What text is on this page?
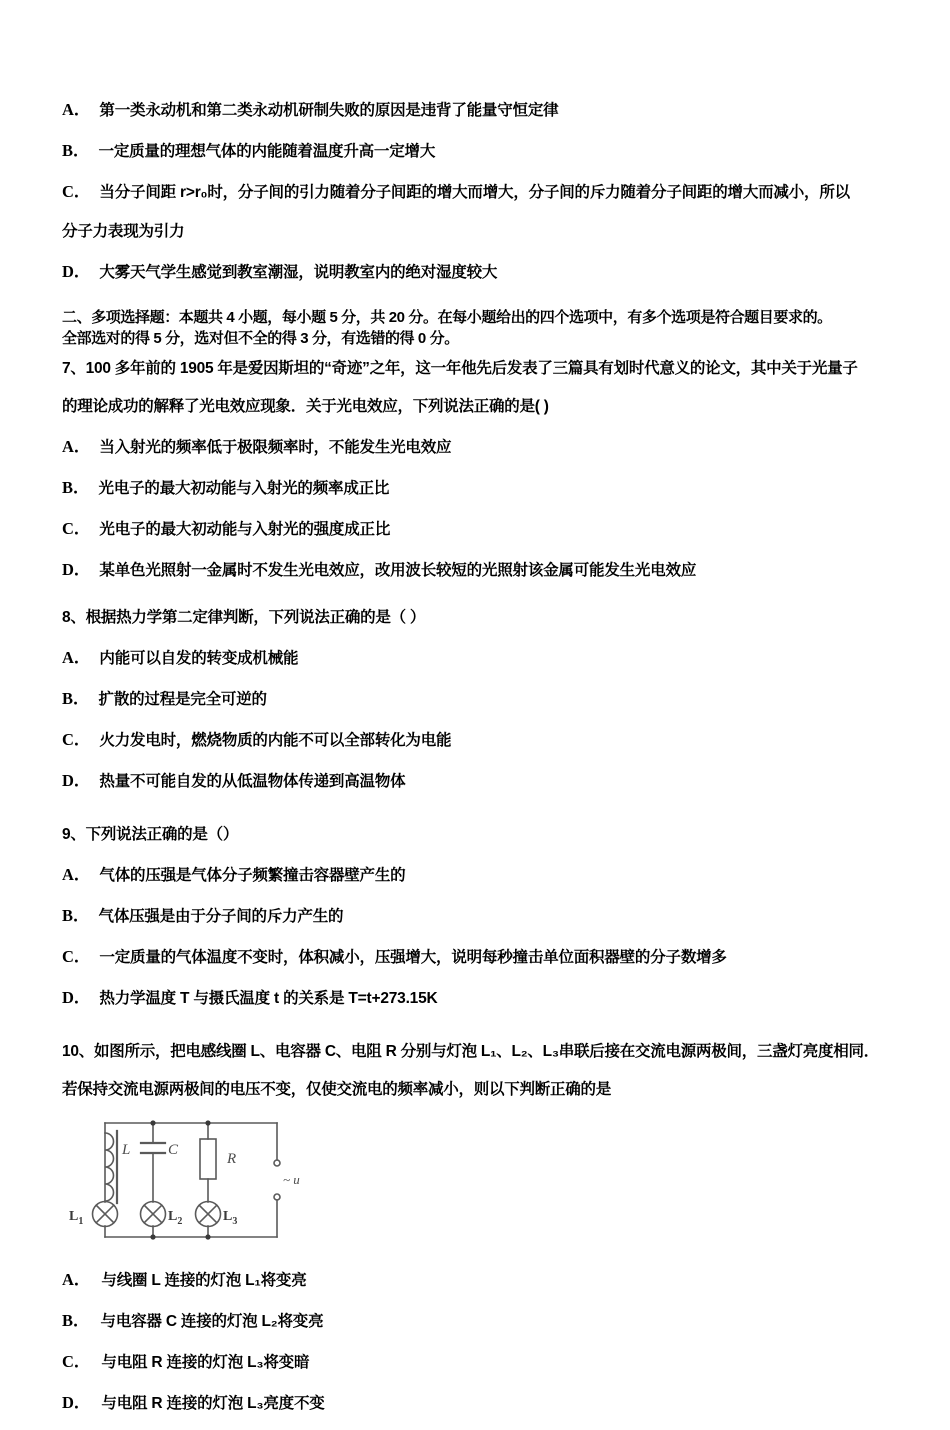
A． 第一类永动机和第二类永动机研制失败的原因是违背了能量守恒定律
B． 一定质量的理想气体的内能随着温度升高一定增大
C． 当分子间距 r>r₀时，分子间的引力随着分子间距的增大而增大，分子间的斥力随着分子间距的增大而减小，所以
分子力表现为引力
D． 大雾天气学生感觉到教室潮湿，说明教室内的绝对湿度较大
二、多项选择题：本题共 4 小题，每小题 5 分，共 20 分。在每小题给出的四个选项中，有多个选项是符合题目要求的。
全部选对的得 5 分，选对但不全的得 3 分，有选错的得 0 分。
7、100 多年前的 1905 年是爱因斯坦的“奇迹”之年，这一年他先后发表了三篇具有划时代意义的论文，其中关于光量子
的理论成功的解释了光电效应现象．关于光电效应，下列说法正确的是( )
A． 当入射光的频率低于极限频率时，不能发生光电效应
B． 光电子的最大初动能与入射光的频率成正比
C． 光电子的最大初动能与入射光的强度成正比
D． 某单色光照射一金属时不发生光电效应，改用波长较短的光照射该金属可能发生光电效应
8、根据热力学第二定律判断，下列说法正确的是（ ）
A． 内能可以自发的转变成机械能
B． 扩散的过程是完全可逆的
C． 火力发电时，燃烧物质的内能不可以全部转化为电能
D． 热量不可能自发的从低温物体传递到高温物体
9、下列说法正确的是（）
A． 气体的压强是气体分子频繁撞击容器壁产生的
B． 气体压强是由于分子间的斥力产生的
C． 一定质量的气体温度不变时，体积减小，压强增大，说明每秒撞击单位面积器壁的分子数增多
D． 热力学温度 T 与摄氏温度 t 的关系是 T=t+273.15K
10、如图所示，把电感线圈 L、电容器 C、电阻 R 分别与灯泡 L₁、L₂、L₃串联后接在交流电源两极间，三盏灯亮度相同．
若保持交流电源两极间的电压不变，仅使交流电的频率减小，则以下判断正确的是
L	C
R
$L_1$	$L_2$	$L_3$
~ u
A． 与线圈 L 连接的灯泡 L₁将变亮
B． 与电容器 C 连接的灯泡 L₂将变亮
C． 与电阻 R 连接的灯泡 L₃将变暗
D． 与电阻 R 连接的灯泡 L₃亮度不变
